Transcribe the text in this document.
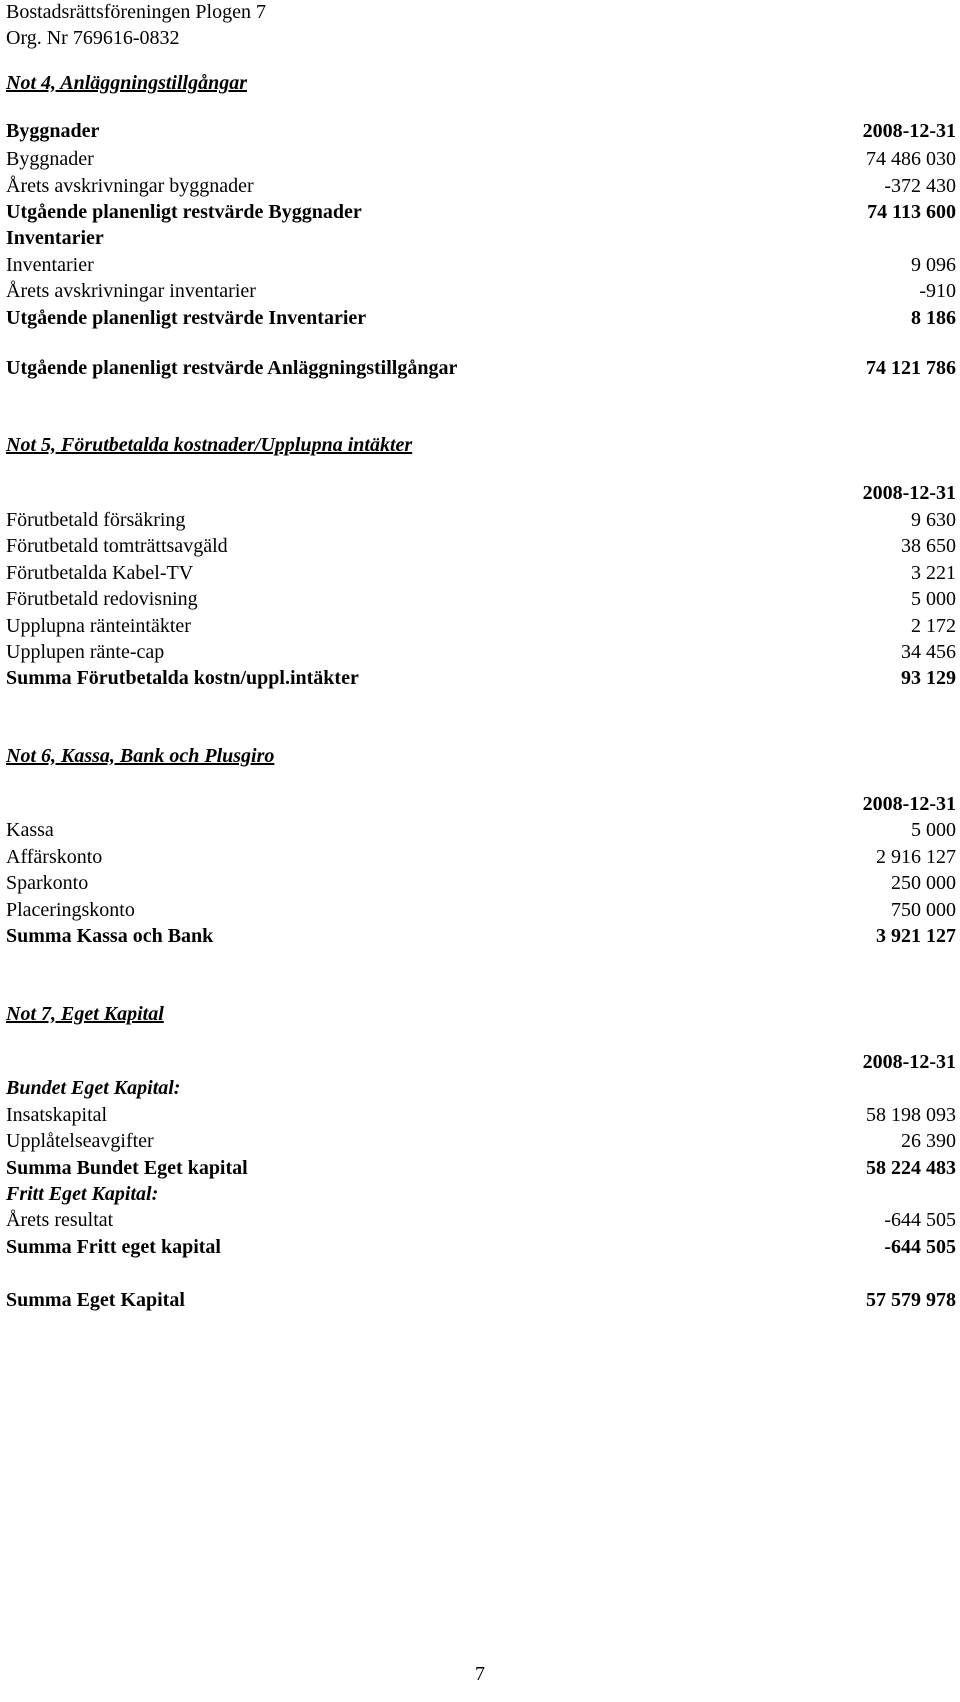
Bostadsrättsföreningen Plogen 7
Org. Nr 769616-0832
Not 4, Anläggningstillgångar
Byggnader	2008-12-31
Byggnader	74 486 030
Årets avskrivningar byggnader	-372 430
Utgående planenligt restvärde Byggnader	74 113 600
Inventarier
Inventarier	9 096
Årets avskrivningar inventarier	-910
Utgående planenligt restvärde Inventarier	8 186
Utgående planenligt restvärde Anläggningstillgångar	74 121 786
Not 5, Förutbetalda kostnader/Upplupna intäkter
2008-12-31
Förutbetald försäkring	9 630
Förutbetald tomträttsavgäld	38 650
Förutbetalda Kabel-TV	3 221
Förutbetald redovisning	5 000
Upplupna ränteintäkter	2 172
Upplupen ränte-cap	34 456
Summa Förutbetalda kostn/uppl.intäkter	93 129
Not 6, Kassa, Bank och Plusgiro
2008-12-31
Kassa	5 000
Affärskonto	2 916 127
Sparkonto	250 000
Placeringskonto	750 000
Summa Kassa och Bank	3 921 127
Not 7, Eget Kapital
2008-12-31
Bundet Eget Kapital:
Insatskapital	58 198 093
Upplåtelseavgifter	26 390
Summa Bundet Eget kapital	58 224 483
Fritt Eget Kapital:
Årets resultat	-644 505
Summa Fritt eget kapital	-644 505
Summa Eget Kapital	57 579 978
7
